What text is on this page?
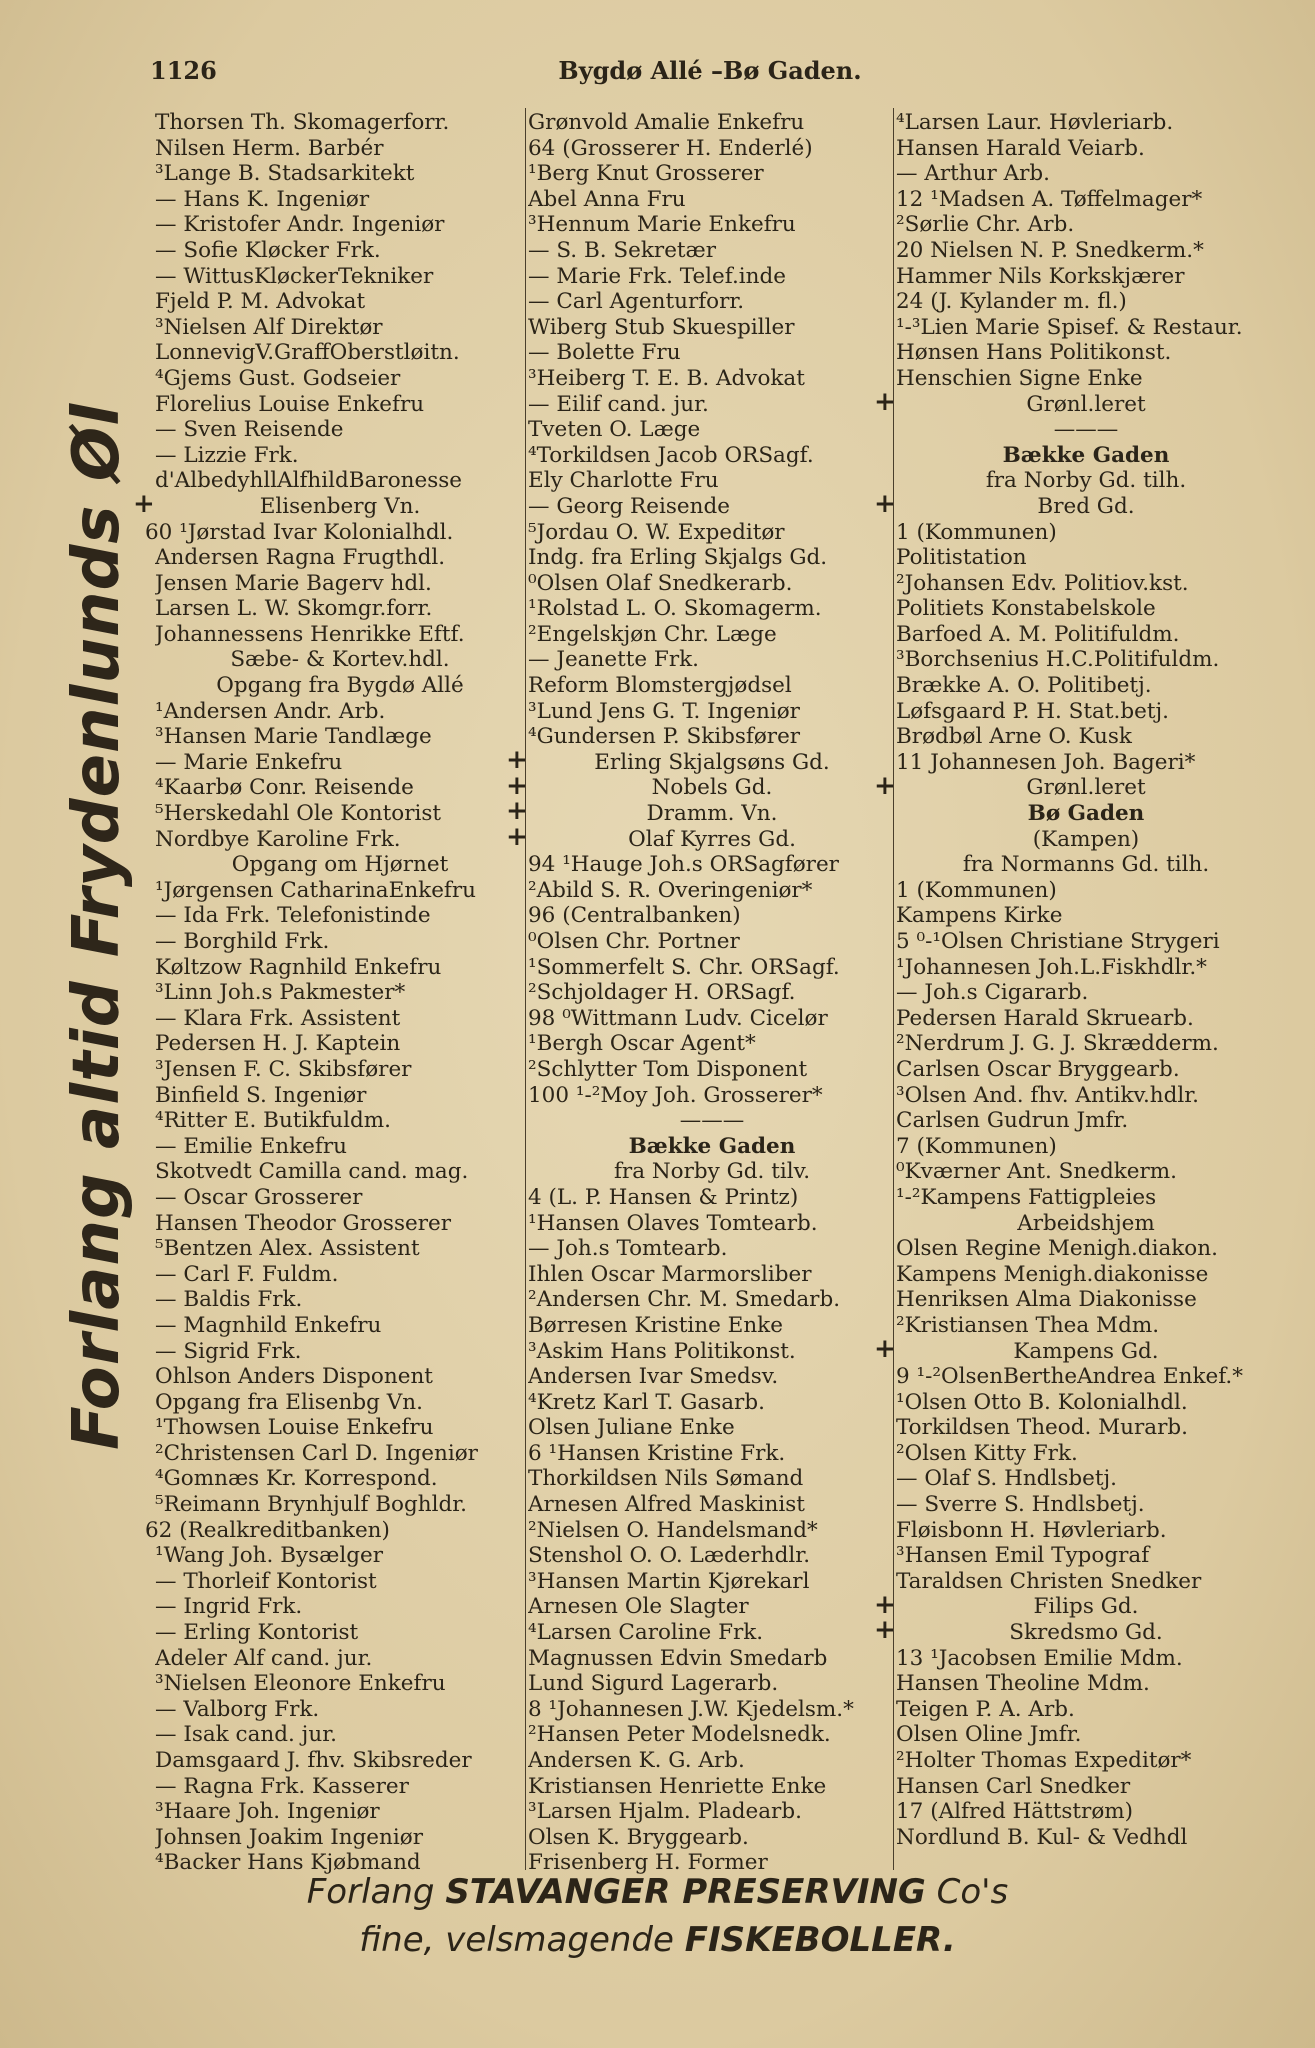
1126	Bygdø Allé –Bø Gaden.
Forlang altid Frydenlunds Øl
Thorsen Th. Skomagerforr.
Nilsen Herm. Barbér
³Lange B. Stadsarkitekt
— Hans K. Ingeniør
— Kristofer Andr. Ingeniør
— Sofie Kløcker Frk.
— WittusKløckerTekniker
Fjeld P. M. Advokat
³Nielsen Alf Direktør
LonnevigV.GraffOberstløitn.
⁴Gjems Gust. Godseier
Florelius Louise Enkefru
— Sven Reisende
— Lizzie Frk.
d'AlbedyhllAlfhildBaronesse
Elisenberg Vn.
+
60 ¹Jørstad Ivar Kolonialhdl.
Andersen Ragna Frugthdl.
Jensen Marie Bagerv hdl.
Larsen L. W. Skomgr.forr.
Johannessens Henrikke Eftf.
Sæbe- & Kortev.hdl.
Opgang fra Bygdø Allé
¹Andersen Andr. Arb.
³Hansen Marie Tandlæge
— Marie Enkefru
⁴Kaarbø Conr. Reisende
⁵Herskedahl Ole Kontorist
Nordbye Karoline Frk.
Opgang om Hjørnet
¹Jørgensen CatharinaEnkefru
— Ida Frk. Telefonistinde
— Borghild Frk.
Køltzow Ragnhild Enkefru
³Linn Joh.s Pakmester*
— Klara Frk. Assistent
Pedersen H. J. Kaptein
³Jensen F. C. Skibsfører
Binfield S. Ingeniør
⁴Ritter E. Butikfuldm.
— Emilie Enkefru
Skotvedt Camilla cand. mag.
— Oscar Grosserer
Hansen Theodor Grosserer
⁵Bentzen Alex. Assistent
— Carl F. Fuldm.
— Baldis Frk.
— Magnhild Enkefru
— Sigrid Frk.
Ohlson Anders Disponent
Opgang fra Elisenbg Vn.
¹Thowsen Louise Enkefru
²Christensen Carl D. Ingeniør
⁴Gomnæs Kr. Korrespond.
⁵Reimann Brynhjulf Boghldr.
62 (Realkreditbanken)
¹Wang Joh. Bysælger
— Thorleif Kontorist
— Ingrid Frk.
— Erling Kontorist
Adeler Alf cand. jur.
³Nielsen Eleonore Enkefru
— Valborg Frk.
— Isak cand. jur.
Damsgaard J. fhv. Skibsreder
— Ragna Frk. Kasserer
³Haare Joh. Ingeniør
Johnsen Joakim Ingeniør
⁴Backer Hans Kjøbmand
Grønvold Amalie Enkefru
64 (Grosserer H. Enderlé)
¹Berg Knut Grosserer
Abel Anna Fru
³Hennum Marie Enkefru
— S. B. Sekretær
— Marie Frk. Telef.inde
— Carl Agenturforr.
Wiberg Stub Skuespiller
— Bolette Fru
³Heiberg T. E. B. Advokat
— Eilif cand. jur.
Tveten O. Læge
⁴Torkildsen Jacob ORSagf.
Ely Charlotte Fru
— Georg Reisende
⁵Jordau O. W. Expeditør
Indg. fra Erling Skjalgs Gd.
⁰Olsen Olaf Snedkerarb.
¹Rolstad L. O. Skomagerm.
²Engelskjøn Chr. Læge
— Jeanette Frk.
Reform Blomstergjødsel
³Lund Jens G. T. Ingeniør
⁴Gundersen P. Skibsfører
Erling Skjalgsøns Gd.
+
Nobels Gd.
+
Dramm. Vn.
+
Olaf Kyrres Gd.
+
94 ¹Hauge Joh.s ORSagfører
²Abild S. R. Overingeniør*
96 (Centralbanken)
⁰Olsen Chr. Portner
¹Sommerfelt S. Chr. ORSagf.
²Schjoldager H. ORSagf.
98 ⁰Wittmann Ludv. Cicelør
¹Bergh Oscar Agent*
²Schlytter Tom Disponent
100 ¹-²Moy Joh. Grosserer*
———
Bække Gaden
fra Norby Gd. tilv.
4 (L. P. Hansen & Printz)
¹Hansen Olaves Tomtearb.
— Joh.s Tomtearb.
Ihlen Oscar Marmorsliber
²Andersen Chr. M. Smedarb.
Børresen Kristine Enke
³Askim Hans Politikonst.
Andersen Ivar Smedsv.
⁴Kretz Karl T. Gasarb.
Olsen Juliane Enke
6 ¹Hansen Kristine Frk.
Thorkildsen Nils Sømand
Arnesen Alfred Maskinist
²Nielsen O. Handelsmand*
Stenshol O. O. Læderhdlr.
³Hansen Martin Kjørekarl
Arnesen Ole Slagter
⁴Larsen Caroline Frk.
Magnussen Edvin Smedarb
Lund Sigurd Lagerarb.
8 ¹Johannesen J.W. Kjedelsm.*
²Hansen Peter Modelsnedk.
Andersen K. G. Arb.
Kristiansen Henriette Enke
³Larsen Hjalm. Pladearb.
Olsen K. Bryggearb.
Frisenberg H. Former
⁴Larsen Laur. Høvleriarb.
Hansen Harald Veiarb.
— Arthur Arb.
12 ¹Madsen A. Tøffelmager*
²Sørlie Chr. Arb.
20 Nielsen N. P. Snedkerm.*
Hammer Nils Korkskjærer
24 (J. Kylander m. fl.)
¹-³Lien Marie Spisef. & Restaur.
Hønsen Hans Politikonst.
Henschien Signe Enke
Grønl.leret
+
———
Bække Gaden
fra Norby Gd. tilh.
Bred Gd.
+
1 (Kommunen)
Politistation
²Johansen Edv. Politiov.kst.
Politiets Konstabelskole
Barfoed A. M. Politifuldm.
³Borchsenius H.C.Politifuldm.
Brække A. O. Politibetj.
Løfsgaard P. H. Stat.betj.
Brødbøl Arne O. Kusk
11 Johannesen Joh. Bageri*
Grønl.leret
+
Bø Gaden
(Kampen)
fra Normanns Gd. tilh.
1 (Kommunen)
Kampens Kirke
5 ⁰-¹Olsen Christiane Strygeri
¹Johannesen Joh.L.Fiskhdlr.*
— Joh.s Cigararb.
Pedersen Harald Skruearb.
²Nerdrum J. G. J. Skrædderm.
Carlsen Oscar Bryggearb.
³Olsen And. fhv. Antikv.hdlr.
Carlsen Gudrun Jmfr.
7 (Kommunen)
⁰Kværner Ant. Snedkerm.
¹-²Kampens Fattigpleies
Arbeidshjem
Olsen Regine Menigh.diakon.
Kampens Menigh.diakonisse
Henriksen Alma Diakonisse
²Kristiansen Thea Mdm.
Kampens Gd.
+
9 ¹-²OlsenBertheAndrea Enkef.*
¹Olsen Otto B. Kolonialhdl.
Torkildsen Theod. Murarb.
²Olsen Kitty Frk.
— Olaf S. Hndlsbetj.
— Sverre S. Hndlsbetj.
Fløisbonn H. Høvleriarb.
³Hansen Emil Typograf
Taraldsen Christen Snedker
Filips Gd.
+
Skredsmo Gd.
+
13 ¹Jacobsen Emilie Mdm.
Hansen Theoline Mdm.
Teigen P. A. Arb.
Olsen Oline Jmfr.
²Holter Thomas Expeditør*
Hansen Carl Snedker
17 (Alfred Hättstrøm)
Nordlund B. Kul- & Vedhdl
Forlang STAVANGER PRESERVING Co's
fine, velsmagende FISKEBOLLER.
